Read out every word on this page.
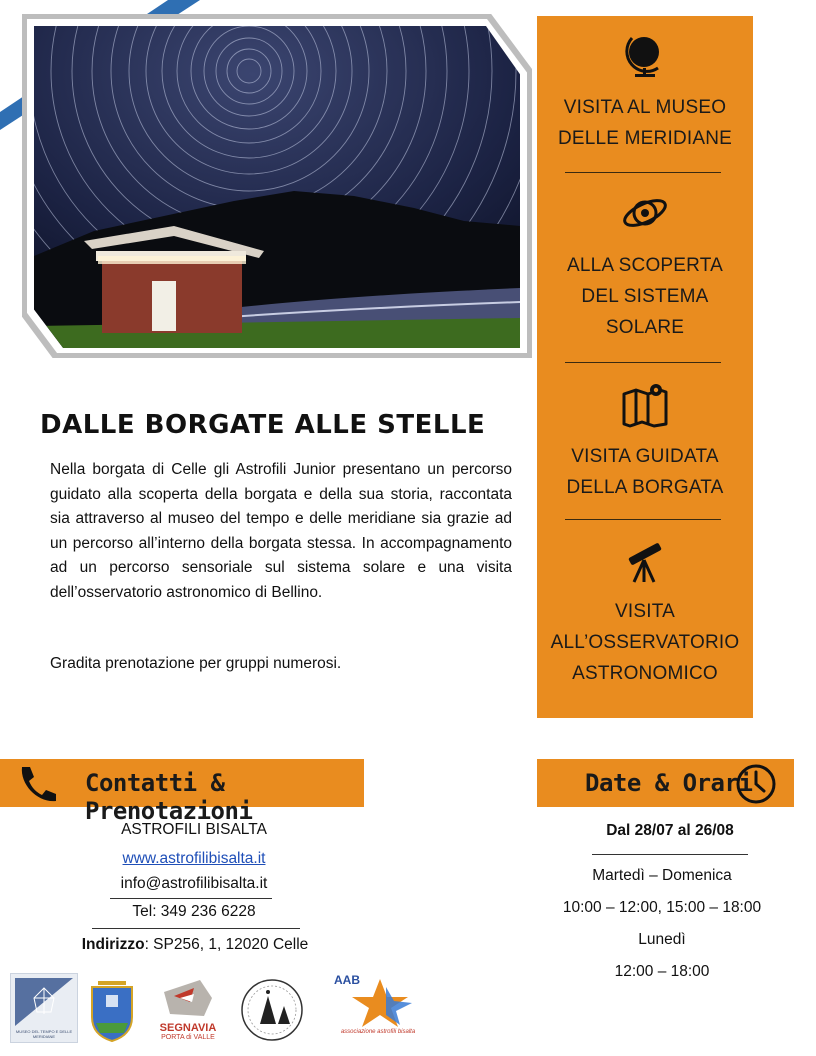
VISITA AL MUSEO
DELLE MERIDIANE
ALLA SCOPERTA
DEL SISTEMA
SOLARE
VISITA GUIDATA
DELLA BORGATA
VISITA
ALL’OSSERVATORIO
ASTRONOMICO
DALLE BORGATE ALLE STELLE
Nella borgata di Celle gli Astrofili Junior presentano un percorso guidato alla scoperta della borgata e della sua storia, raccontata sia attraverso al museo del tempo e delle meridiane sia grazie ad un percorso all’interno della borgata stessa. In accompagnamento ad un percorso sensoriale sul sistema solare e una visita dell’osservatorio astronomico di Bellino.
Gradita prenotazione per gruppi numerosi.
Contatti & Prenotazioni
Date & Orari
ASTROFILI BISALTA
www.astrofilibisalta.it
info@astrofilibisalta.it
Tel: 349 236 6228
Indirizzo: SP256, 1, 12020 Celle
Dal 28/07 al 26/08
Martedì – Domenica
10:00 – 12:00, 15:00 – 18:00
Lunedì
12:00 – 18:00
MUSEO DEL TEMPO E DELLE MERIDIANE
SEGNAVIA
PORTA di VALLE
AAB
associazione astrofili bisalta
